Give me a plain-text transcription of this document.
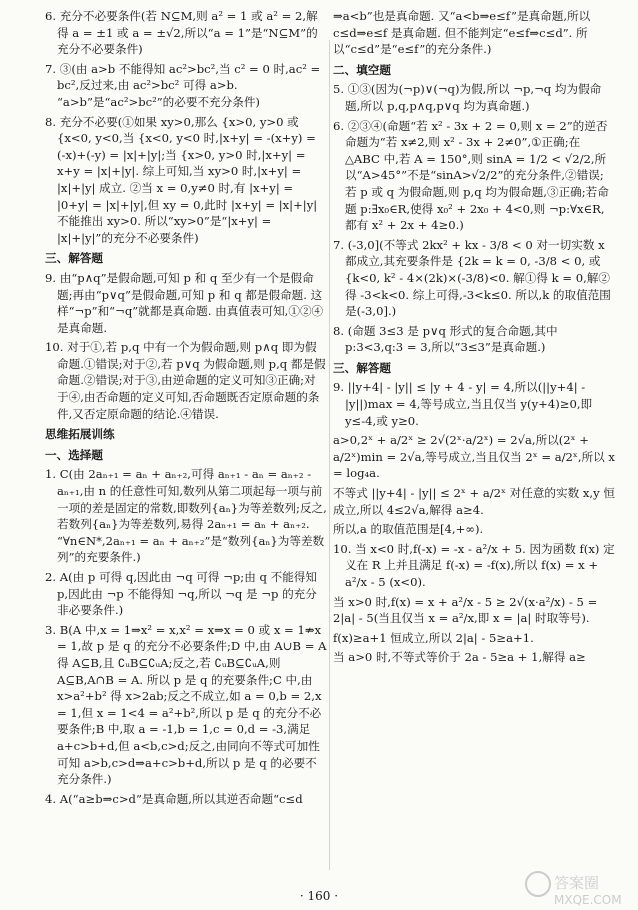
6. 充分不必要条件(若 N⊆M,则 a² = 1 或 a² = 2,解得 a = ±1 或 a = ±√2,所以“a = 1”是“N⊆M”的充分不必要条件)

7. ③(由 a>b 不能得知 ac²>bc²,当 c² = 0 时,ac² = bc²,反过来,由 ac²>bc² 可得 a>b. “a>b”是“ac²>bc²”的必要不充分条件)

8. 充分不必要(①如果 xy>0,那么 {x>0, y>0 或 {x<0, y<0,当 {x<0, y<0 时,|x+y| = -(x+y) = (-x)+(-y) = |x|+|y|;当 {x>0, y>0 时,|x+y| = x+y = |x|+|y|. 综上可知,当 xy>0 时,|x+y| = |x|+|y| 成立. ②当 x = 0,y≠0 时,有 |x+y| = |0+y| = |x|+|y|,但 xy = 0,此时 |x+y| = |x|+|y| 不能推出 xy>0. 所以“xy>0”是“|x+y| = |x|+|y|”的充分不必要条件)

三、解答题

9. 由“p∧q”是假命题,可知 p 和 q 至少有一个是假命题;再由“p∨q”是假命题,可知 p 和 q 都是假命题. 这样“¬p”和“¬q”就都是真命题. 由真值表可知,①②④是真命题.

10. 对于①,若 p,q 中有一个为假命题,则 p∧q 即为假命题.①错误;对于②,若 p∨q 为假命题,则 p,q 都是假命题.②错误;对于③,由逆命题的定义可知③正确;对于④,由否命题的定义可知,否命题既否定原命题的条件,又否定原命题的结论.④错误.

思维拓展训练

一、选择题

1. C(由 2aₙ₊₁ = aₙ + aₙ₊₂,可得 aₙ₊₁ - aₙ = aₙ₊₂ - aₙ₊₁,由 n 的任意性可知,数列从第二项起每一项与前一项的差是固定的常数,即数列{aₙ}为等差数列;反之,若数列{aₙ}为等差数列,易得 2aₙ₊₁ = aₙ + aₙ₊₂. “∀n∈N*,2aₙ₊₁ = aₙ + aₙ₊₂”是“数列{aₙ}为等差数列”的充要条件.)

2. A(由 p 可得 q,因此由 ¬q 可得 ¬p;由 q 不能得知 p,因此由 ¬p 不能得知 ¬q,所以 ¬q 是 ¬p 的充分非必要条件.)

3. B(A 中,x = 1⇒x² = x,x² = x⇒x = 0 或 x = 1⇏x = 1,故 p 是 q 的充分不必要条件;D 中,由 A∪B = A 得 A⊆B,且 ∁ᵤB⊆∁ᵤA;反之,若 ∁ᵤB⊆∁ᵤA,则 A⊆B,A∩B = A. 所以 p 是 q 的充要条件;C 中,由 x>a²+b² 得 x>2ab;反之不成立,如 a = 0,b = 2,x = 1,但 x = 1<4 = a²+b²,所以 p 是 q 的充分不必要条件;B 中,取 a = -1,b = 1,c = 0,d = -3,满足 a+c>b+d,但 a<b,c>d;反之,由同向不等式可加性可知 a>b,c>d⇒a+c>b+d,所以 p 是 q 的必要不充分条件.)

4. A(“a≥b⇒c>d”是真命题,所以其逆否命题“c≤d

⇒a<b”也是真命题. 又“a<b⇒e≤f”是真命题,所以 c≤d⇒e≤f 是真命题. 但不能判定“e≤f⇒c≤d”. 所以“c≤d”是“e≤f”的充分条件.)

二、填空题

5. ①③(因为(¬p)∨(¬q)为假,所以 ¬p,¬q 均为假命题,所以 p,q,p∧q,p∨q 均为真命题.)

6. ②③④(命题“若 x² - 3x + 2 = 0,则 x = 2”的逆否命题为“若 x≠2,则 x² - 3x + 2≠0”,①正确;在 △ABC 中,若 A = 150°,则 sinA = 1/2 < √2/2,所以“A>45°”不是“sinA>√2/2”的充分条件,②错误;若 p 或 q 为假命题,则 p,q 均为假命题,③正确;若命题 p:∃x₀∈R,使得 x₀² + 2x₀ + 4<0,则 ¬p:∀x∈R,都有 x² + 2x + 4≥0.)

7. (-3,0](不等式 2kx² + kx - 3/8 < 0 对一切实数 x 都成立,其充要条件是 {2k = k = 0, -3/8 < 0, 或 {k<0, k² - 4×(2k)×(-3/8)<0. 解①得 k = 0,解②得 -3<k<0. 综上可得,-3<k≤0. 所以,k 的取值范围是(-3,0].)

8. (命题 3≤3 是 p∨q 形式的复合命题,其中 p:3<3,q:3 = 3,所以“3≤3”是真命题.)

三、解答题

9. ||y+4| - |y|| ≤ |y + 4 - y| = 4,所以(||y+4| - |y||)max = 4,等号成立,当且仅当 y(y+4)≥0,即 y≤-4,或 y≥0.

a>0,2ˣ + a/2ˣ ≥ 2√(2ˣ·a/2ˣ) = 2√a,所以(2ˣ + a/2ˣ)min = 2√a,等号成立,当且仅当 2ˣ = a/2ˣ,所以 x = log₄a.

不等式 ||y+4| - |y|| ≤ 2ˣ + a/2ˣ 对任意的实数 x,y 恒成立,所以 4≤2√a,解得 a≥4.

所以,a 的取值范围是[4,+∞).

10. 当 x<0 时,f(-x) = -x - a²/x + 5. 因为函数 f(x) 定义在 R 上并且满足 f(-x) = -f(x),所以 f(x) = x + a²/x - 5 (x<0).

当 x>0 时,f(x) = x + a²/x - 5 ≥ 2√(x·a²/x) - 5 = 2|a| - 5(当且仅当 x = a²/x,即 x = |a| 时取等号).

f(x)≥a+1 恒成立,所以 2|a| - 5≥a+1.

当 a>0 时,不等式等价于 2a - 5≥a + 1,解得 a≥

· 160 ·
答案圈
MXQE.COM
